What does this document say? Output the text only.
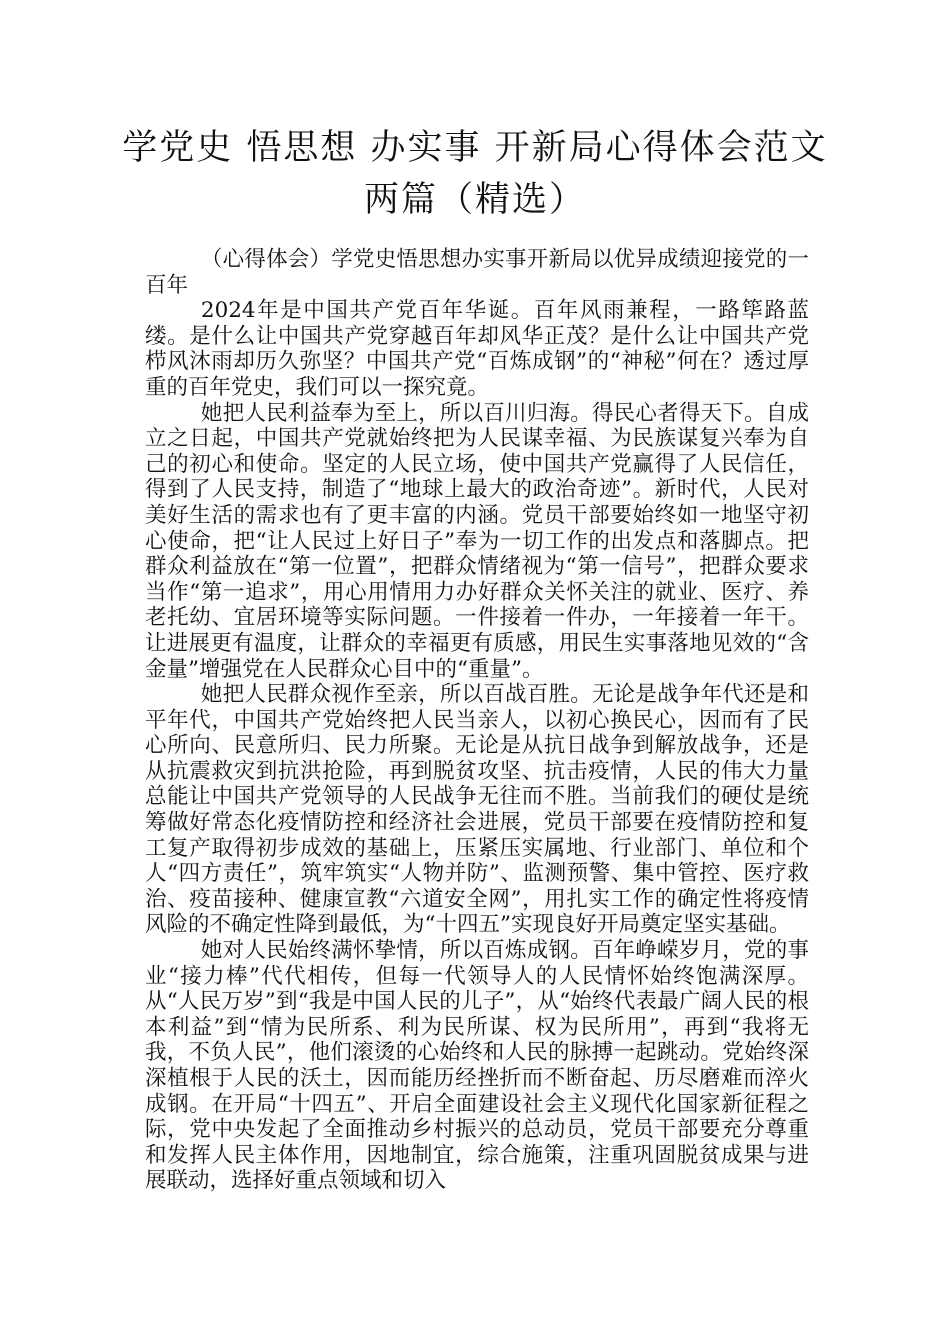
学党史 悟思想 办实事 开新局心得体会范文两篇（精选）

（心得体会）学党史悟思想办实事开新局以优异成绩迎接党的一百年

2024年是中国共产党百年华诞。百年风雨兼程，一路筚路蓝缕。是什么让中国共产党穿越百年却风华正茂？是什么让中国共产党栉风沐雨却历久弥坚？中国共产党“百炼成钢”的“神秘”何在？透过厚重的百年党史，我们可以一探究竟。

她把人民利益奉为至上，所以百川归海。得民心者得天下。自成立之日起，中国共产党就始终把为人民谋幸福、为民族谋复兴奉为自己的初心和使命。坚定的人民立场，使中国共产党赢得了人民信任，得到了人民支持，制造了“地球上最大的政治奇迹”。新时代，人民对美好生活的需求也有了更丰富的内涵。党员干部要始终如一地坚守初心使命，把“让人民过上好日子”奉为一切工作的出发点和落脚点。把群众利益放在“第一位置”，把群众情绪视为“第一信号”，把群众要求当作“第一追求”，用心用情用力办好群众关怀关注的就业、医疗、养老托幼、宜居环境等实际问题。一件接着一件办，一年接着一年干。让进展更有温度，让群众的幸福更有质感，用民生实事落地见效的“含金量”增强党在人民群众心目中的“重量”。

她把人民群众视作至亲，所以百战百胜。无论是战争年代还是和平年代，中国共产党始终把人民当亲人，以初心换民心，因而有了民心所向、民意所归、民力所聚。无论是从抗日战争到解放战争，还是从抗震救灾到抗洪抢险，再到脱贫攻坚、抗击疫情，人民的伟大力量总能让中国共产党领导的人民战争无往而不胜。当前我们的硬仗是统筹做好常态化疫情防控和经济社会进展，党员干部要在疫情防控和复工复产取得初步成效的基础上，压紧压实属地、行业部门、单位和个人“四方责任”，筑牢筑实“人物并防”、监测预警、集中管控、医疗救治、疫苗接种、健康宣教“六道安全网”，用扎实工作的确定性将疫情风险的不确定性降到最低，为“十四五”实现良好开局奠定坚实基础。

她对人民始终满怀挚情，所以百炼成钢。百年峥嵘岁月，党的事业“接力棒”代代相传，但每一代领导人的人民情怀始终饱满深厚。从“人民万岁”到“我是中国人民的儿子”，从“始终代表最广阔人民的根本利益”到“情为民所系、利为民所谋、权为民所用”，再到“我将无我，不负人民”，他们滚烫的心始终和人民的脉搏一起跳动。党始终深深植根于人民的沃土，因而能历经挫折而不断奋起、历尽磨难而淬火成钢。在开局“十四五”、开启全面建设社会主义现代化国家新征程之际，党中央发起了全面推动乡村振兴的总动员，党员干部要充分尊重和发挥人民主体作用，因地制宜，综合施策，注重巩固脱贫成果与进展联动，选择好重点领域和切入
